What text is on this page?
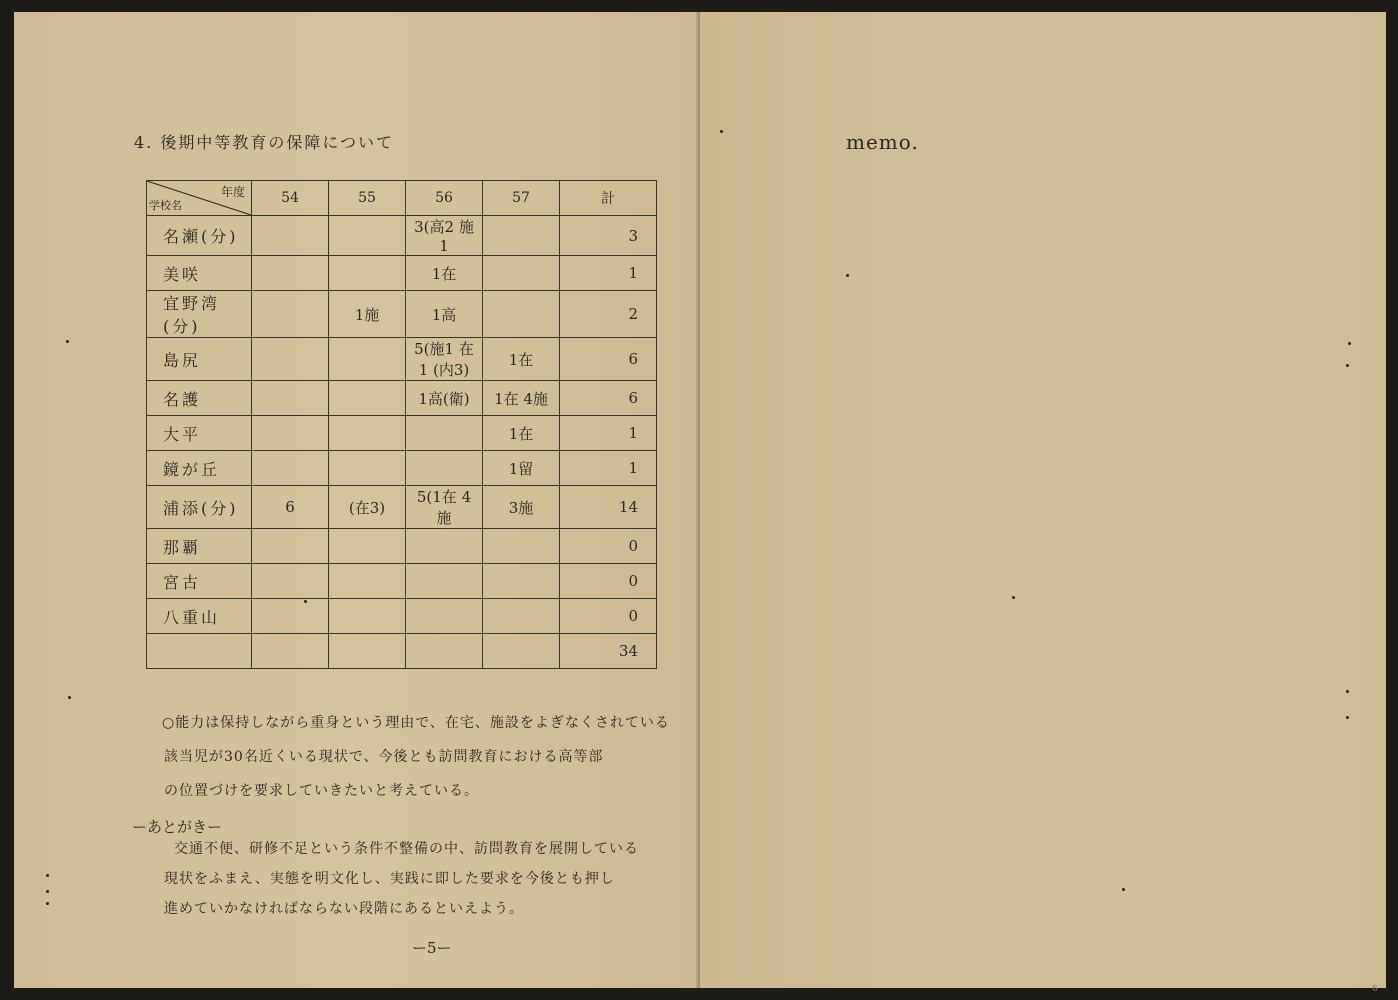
4. 後期中等教育の保障について
年度
学校名	54	55	56	57	計
名瀬(分)			3(高2 施1		3
美咲			1在		1
宜野湾(分)		1施	1高		2
島尻			5(施1 在1 (内3)	1在	6
名護			1高(衛)	1在 4施	6
大平				1在	1
鏡が丘				1留	1
浦添(分)	6	(在3)	5(1在 4施	3施	14
那覇					0
宮古					0
八重山					0
					34
○能力は保持しながら重身という理由で、在宅、施設をよぎなくされている
該当児が30名近くいる現状で、今後とも訪問教育における高等部
の位置づけを要求していきたいと考えている。
ーあとがきー
交通不便、研修不足という条件不整備の中、訪問教育を展開している
現状をふまえ、実態を明文化し、実践に即した要求を今後とも押し
進めていかなければならない段階にあるといえよう。
ー5ー
memo.
6
